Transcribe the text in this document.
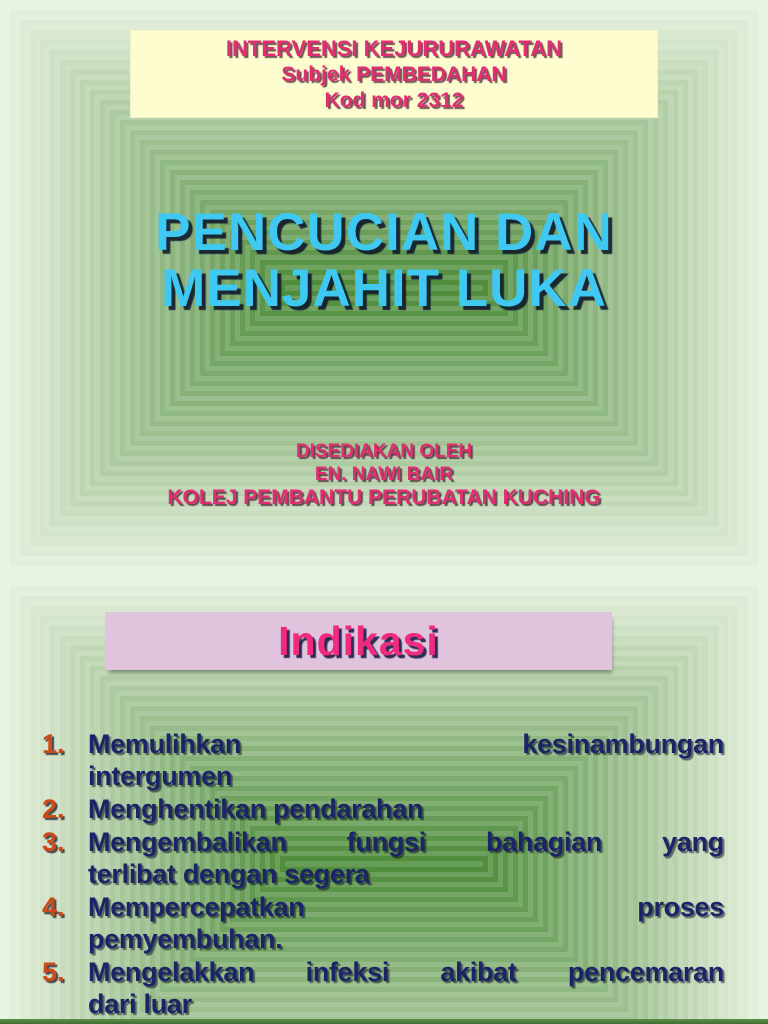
INTERVENSI KEJURURAWATAN
Subjek PEMBEDAHAN
Kod mor 2312
PENCUCIAN DAN
MENJAHIT LUKA
DISEDIAKAN OLEH
EN. NAWI BAIR
KOLEJ PEMBANTU PERUBATAN KUCHING
Indikasi
1. Memulihkan kesinambungan
intergumen
2. Menghentikan pendarahan
3. Mengembalikan fungsi bahagian yang
terlibat dengan segera
4. Mempercepatkan proses
pemyembuhan.
5. Mengelakkan infeksi akibat pencemaran
dari luar
